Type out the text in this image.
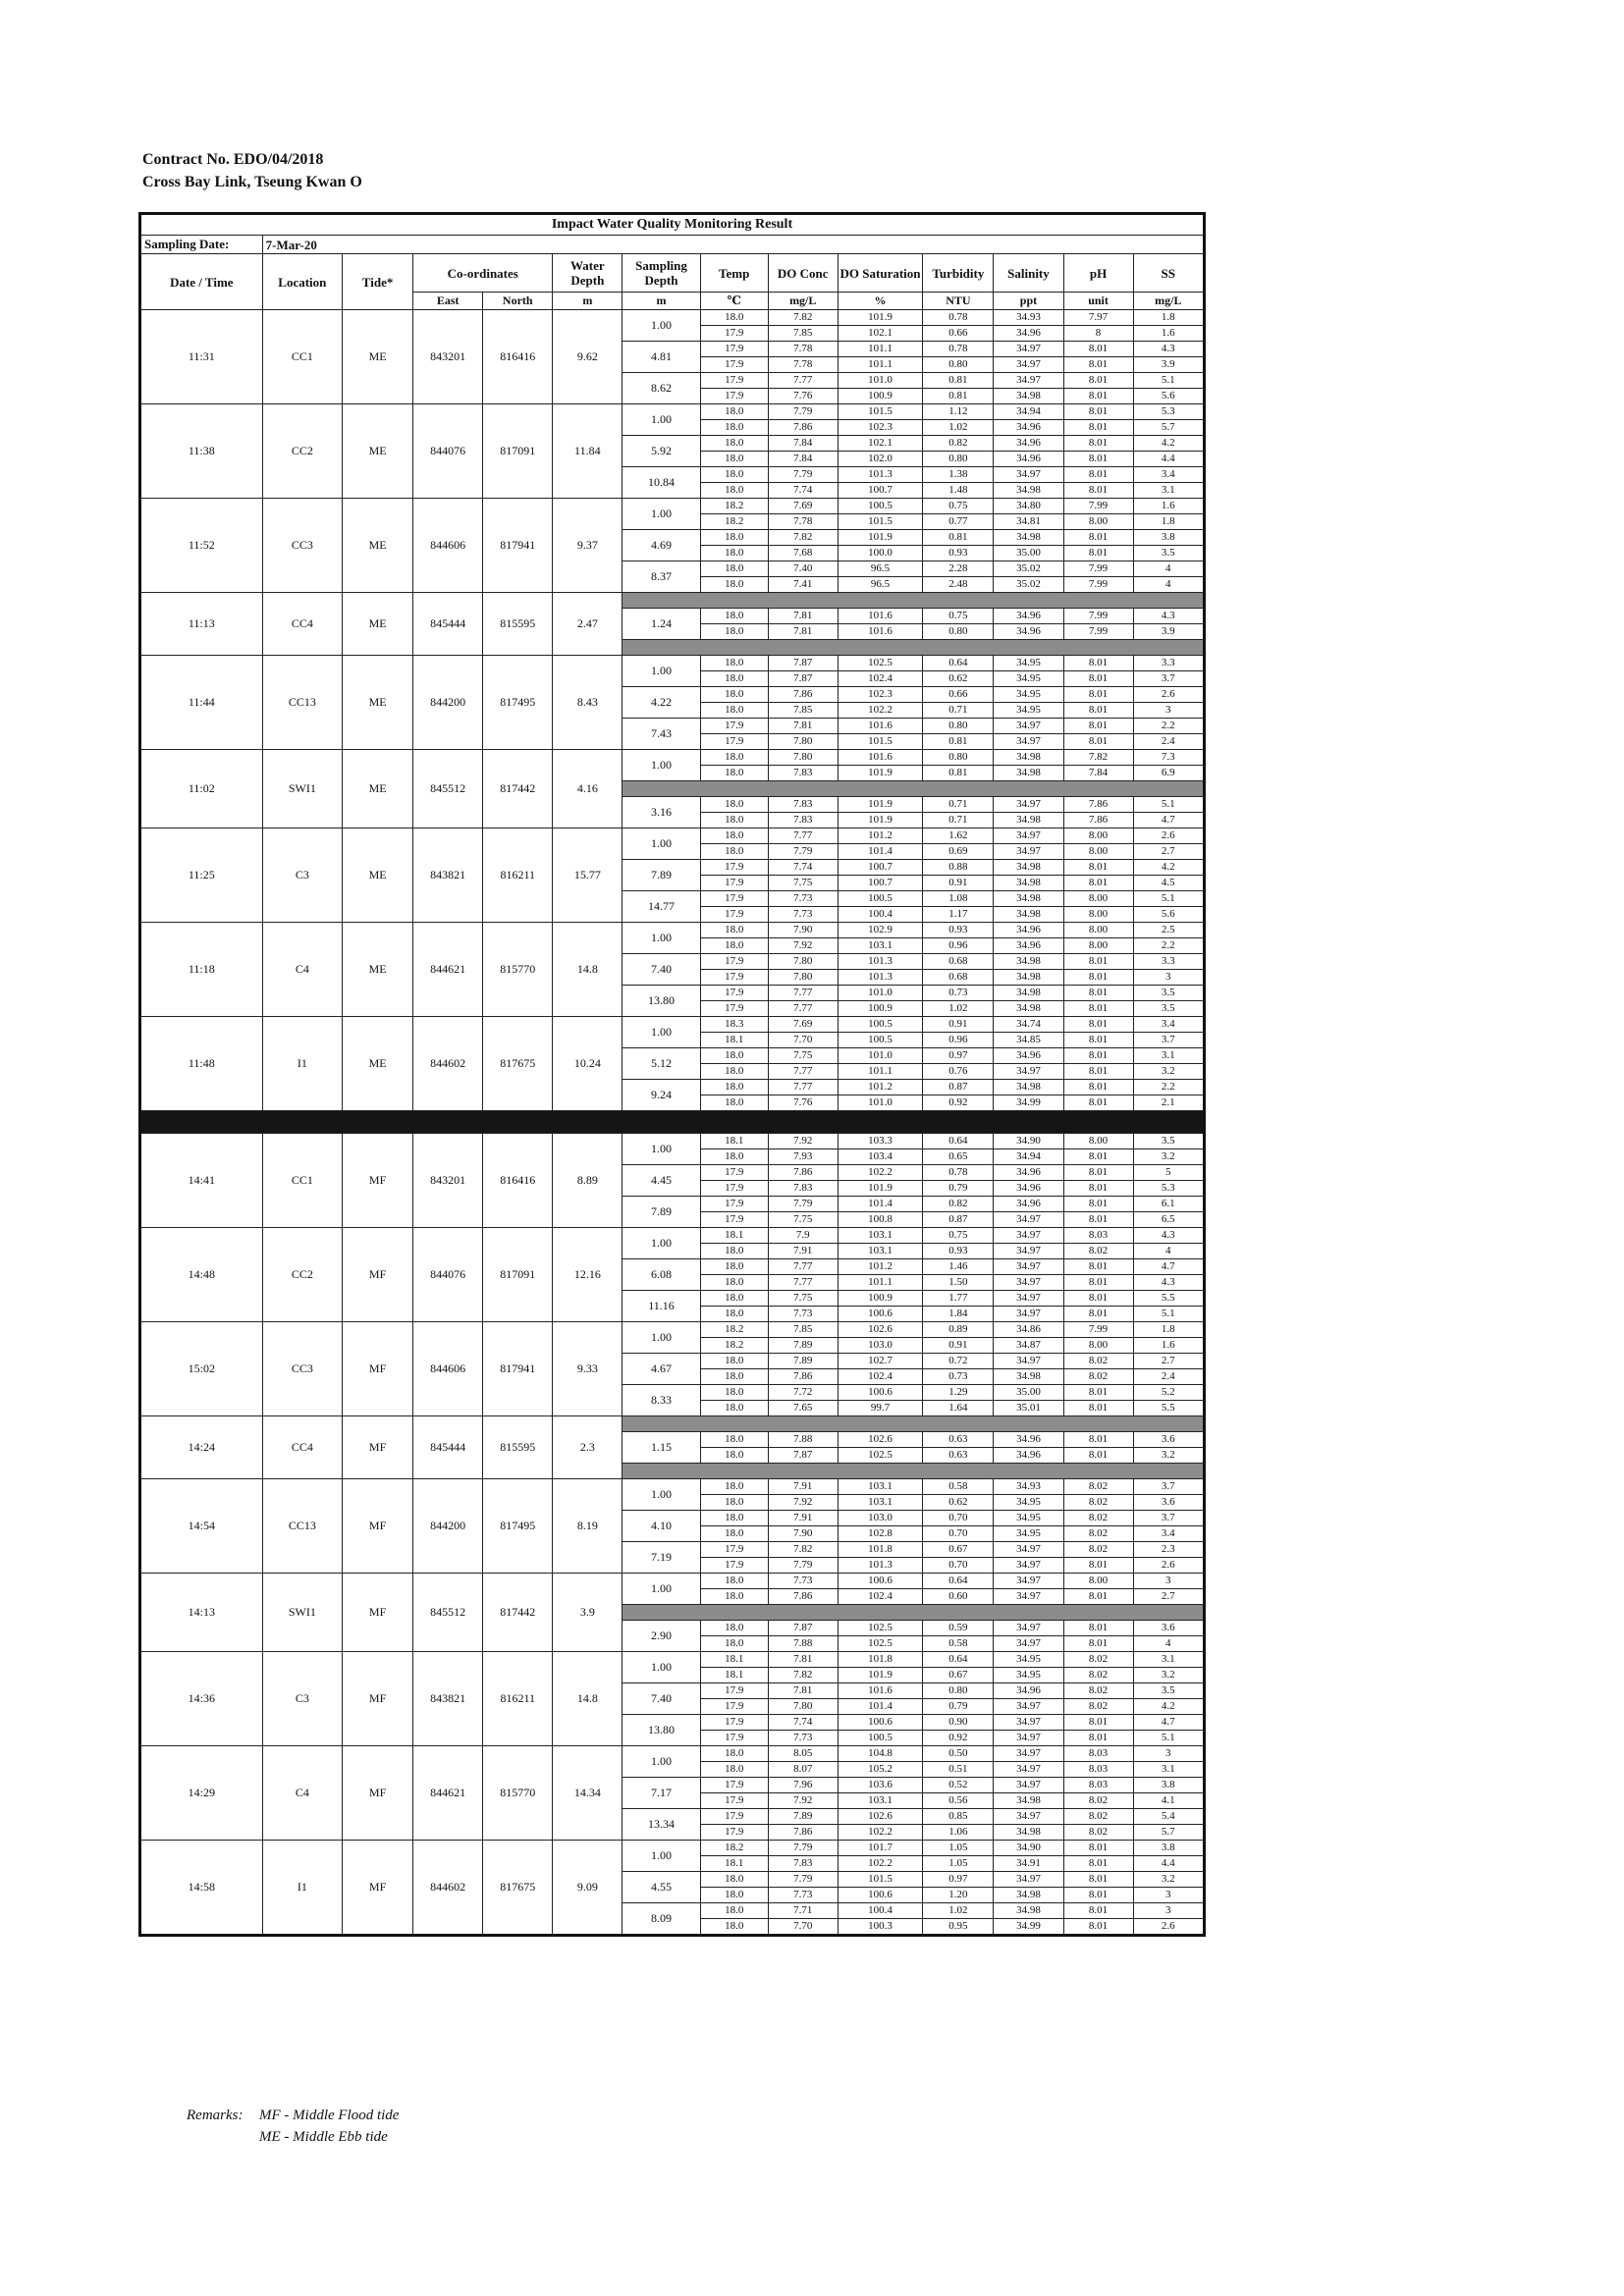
Contract No. EDO/04/2018
Cross Bay Link, Tseung Kwan O
Impact Water Quality Monitoring Result													
Sampling Date:	7-Mar-20												
Date / Time	Location	Tide*	Co-ordinates		Water Depth	Sampling Depth	Temp	DO Conc	DO Saturation	Turbidity	Salinity	pH	SS
			East	North	m	m	℃	mg/L	%	NTU	ppt	unit	mg/L
11:31	CC1	ME	843201	816416	9.62	1.00	18.0	7.82	101.9	0.78	34.93	7.97	1.8
							17.9	7.85	102.1	0.66	34.96	8	1.6
						4.81	17.9	7.78	101.1	0.78	34.97	8.01	4.3
							17.9	7.78	101.1	0.80	34.97	8.01	3.9
						8.62	17.9	7.77	101.0	0.81	34.97	8.01	5.1
							17.9	7.76	100.9	0.81	34.98	8.01	5.6
11:38	CC2	ME	844076	817091	11.84	1.00	18.0	7.79	101.5	1.12	34.94	8.01	5.3
							18.0	7.86	102.3	1.02	34.96	8.01	5.7
						5.92	18.0	7.84	102.1	0.82	34.96	8.01	4.2
							18.0	7.84	102.0	0.80	34.96	8.01	4.4
						10.84	18.0	7.79	101.3	1.38	34.97	8.01	3.4
							18.0	7.74	100.7	1.48	34.98	8.01	3.1
11:52	CC3	ME	844606	817941	9.37	1.00	18.2	7.69	100.5	0.75	34.80	7.99	1.6
							18.2	7.78	101.5	0.77	34.81	8.00	1.8
						4.69	18.0	7.82	101.9	0.81	34.98	8.01	3.8
							18.0	7.68	100.0	0.93	35.00	8.01	3.5
						8.37	18.0	7.40	96.5	2.28	35.02	7.99	4
							18.0	7.41	96.5	2.48	35.02	7.99	4
11:13	CC4	ME	845444	815595	2.47								
						1.24	18.0	7.81	101.6	0.75	34.96	7.99	4.3
							18.0	7.81	101.6	0.80	34.96	7.99	3.9

11:44	CC13	ME	844200	817495	8.43	1.00	18.0	7.87	102.5	0.64	34.95	8.01	3.3
							18.0	7.87	102.4	0.62	34.95	8.01	3.7
						4.22	18.0	7.86	102.3	0.66	34.95	8.01	2.6
							18.0	7.85	102.2	0.71	34.95	8.01	3
						7.43	17.9	7.81	101.6	0.80	34.97	8.01	2.2
							17.9	7.80	101.5	0.81	34.97	8.01	2.4
11:02	SWI1	ME	845512	817442	4.16	1.00	18.0	7.80	101.6	0.80	34.98	7.82	7.3
							18.0	7.83	101.9	0.81	34.98	7.84	6.9

						3.16	18.0	7.83	101.9	0.71	34.97	7.86	5.1
							18.0	7.83	101.9	0.71	34.98	7.86	4.7
11:25	C3	ME	843821	816211	15.77	1.00	18.0	7.77	101.2	1.62	34.97	8.00	2.6
							18.0	7.79	101.4	0.69	34.97	8.00	2.7
						7.89	17.9	7.74	100.7	0.88	34.98	8.01	4.2
							17.9	7.75	100.7	0.91	34.98	8.01	4.5
						14.77	17.9	7.73	100.5	1.08	34.98	8.00	5.1
							17.9	7.73	100.4	1.17	34.98	8.00	5.6
11:18	C4	ME	844621	815770	14.8	1.00	18.0	7.90	102.9	0.93	34.96	8.00	2.5
							18.0	7.92	103.1	0.96	34.96	8.00	2.2
						7.40	17.9	7.80	101.3	0.68	34.98	8.01	3.3
							17.9	7.80	101.3	0.68	34.98	8.01	3
						13.80	17.9	7.77	101.0	0.73	34.98	8.01	3.5
							17.9	7.77	100.9	1.02	34.98	8.01	3.5
11:48	I1	ME	844602	817675	10.24	1.00	18.3	7.69	100.5	0.91	34.74	8.01	3.4
							18.1	7.70	100.5	0.96	34.85	8.01	3.7
						5.12	18.0	7.75	101.0	0.97	34.96	8.01	3.1
							18.0	7.77	101.1	0.76	34.97	8.01	3.2
						9.24	18.0	7.77	101.2	0.87	34.98	8.01	2.2
							18.0	7.76	101.0	0.92	34.99	8.01	2.1

14:41	CC1	MF	843201	816416	8.89	1.00	18.1	7.92	103.3	0.64	34.90	8.00	3.5
							18.0	7.93	103.4	0.65	34.94	8.01	3.2
						4.45	17.9	7.86	102.2	0.78	34.96	8.01	5
							17.9	7.83	101.9	0.79	34.96	8.01	5.3
						7.89	17.9	7.79	101.4	0.82	34.96	8.01	6.1
							17.9	7.75	100.8	0.87	34.97	8.01	6.5
14:48	CC2	MF	844076	817091	12.16	1.00	18.1	7.9	103.1	0.75	34.97	8.03	4.3
							18.0	7.91	103.1	0.93	34.97	8.02	4
						6.08	18.0	7.77	101.2	1.46	34.97	8.01	4.7
							18.0	7.77	101.1	1.50	34.97	8.01	4.3
						11.16	18.0	7.75	100.9	1.77	34.97	8.01	5.5
							18.0	7.73	100.6	1.84	34.97	8.01	5.1
15:02	CC3	MF	844606	817941	9.33	1.00	18.2	7.85	102.6	0.89	34.86	7.99	1.8
							18.2	7.89	103.0	0.91	34.87	8.00	1.6
						4.67	18.0	7.89	102.7	0.72	34.97	8.02	2.7
							18.0	7.86	102.4	0.73	34.98	8.02	2.4
						8.33	18.0	7.72	100.6	1.29	35.00	8.01	5.2
							18.0	7.65	99.7	1.64	35.01	8.01	5.5
14:24	CC4	MF	845444	815595	2.3								
						1.15	18.0	7.88	102.6	0.63	34.96	8.01	3.6
							18.0	7.87	102.5	0.63	34.96	8.01	3.2

14:54	CC13	MF	844200	817495	8.19	1.00	18.0	7.91	103.1	0.58	34.93	8.02	3.7
							18.0	7.92	103.1	0.62	34.95	8.02	3.6
						4.10	18.0	7.91	103.0	0.70	34.95	8.02	3.7
							18.0	7.90	102.8	0.70	34.95	8.02	3.4
						7.19	17.9	7.82	101.8	0.67	34.97	8.02	2.3
							17.9	7.79	101.3	0.70	34.97	8.01	2.6
14:13	SWI1	MF	845512	817442	3.9	1.00	18.0	7.73	100.6	0.64	34.97	8.00	3
							18.0	7.86	102.4	0.60	34.97	8.01	2.7

						2.90	18.0	7.87	102.5	0.59	34.97	8.01	3.6
							18.0	7.88	102.5	0.58	34.97	8.01	4
14:36	C3	MF	843821	816211	14.8	1.00	18.1	7.81	101.8	0.64	34.95	8.02	3.1
							18.1	7.82	101.9	0.67	34.95	8.02	3.2
						7.40	17.9	7.81	101.6	0.80	34.96	8.02	3.5
							17.9	7.80	101.4	0.79	34.97	8.02	4.2
						13.80	17.9	7.74	100.6	0.90	34.97	8.01	4.7
							17.9	7.73	100.5	0.92	34.97	8.01	5.1
14:29	C4	MF	844621	815770	14.34	1.00	18.0	8.05	104.8	0.50	34.97	8.03	3
							18.0	8.07	105.2	0.51	34.97	8.03	3.1
						7.17	17.9	7.96	103.6	0.52	34.97	8.03	3.8
							17.9	7.92	103.1	0.56	34.98	8.02	4.1
						13.34	17.9	7.89	102.6	0.85	34.97	8.02	5.4
							17.9	7.86	102.2	1.06	34.98	8.02	5.7
14:58	I1	MF	844602	817675	9.09	1.00	18.2	7.79	101.7	1.05	34.90	8.01	3.8
							18.1	7.83	102.2	1.05	34.91	8.01	4.4
						4.55	18.0	7.79	101.5	0.97	34.97	8.01	3.2
							18.0	7.73	100.6	1.20	34.98	8.01	3
						8.09	18.0	7.71	100.4	1.02	34.98	8.01	3
							18.0	7.70	100.3	0.95	34.99	8.01	2.6
Remarks: MF - Middle Flood tide
ME - Middle Ebb tide
